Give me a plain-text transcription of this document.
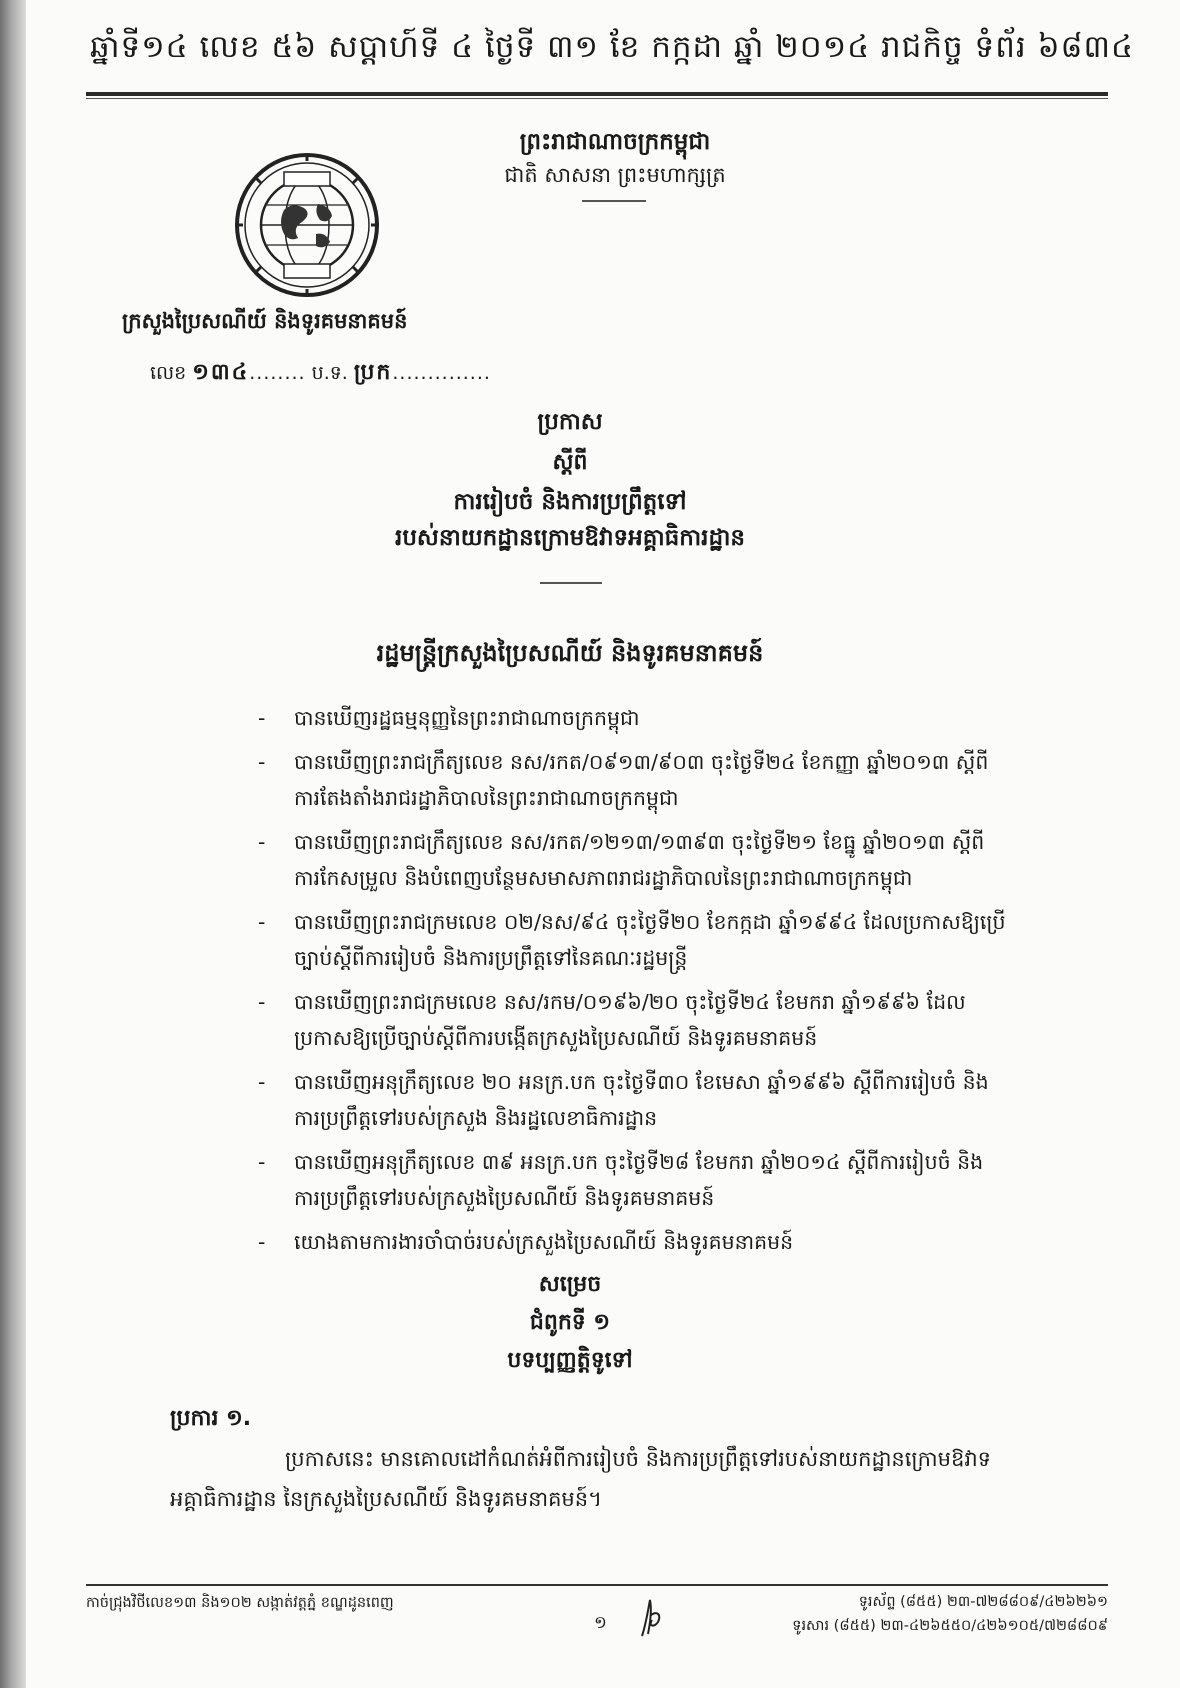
ឆ្នាំទី១៤ លេខ ៥៦ សប្តាហ៍ទី ៤ ថ្ងៃទី ៣១ ខែ កក្កដា ឆ្នាំ ២០១៤ រាជកិច្ច ទំព័រ ៦៨៣៤
ព្រះរាជាណាចក្រកម្ពុជា
ជាតិ សាសនា ព្រះមហាក្សត្រ
ក្រសួងប្រៃសណីយ៍ និងទូរគមនាគមន៍
លេខ ១៣៤........ ប.ទ. ប្រក..............
ប្រកាស
ស្តីពី
ការរៀបចំ និងការប្រព្រឹត្តទៅ
របស់នាយកដ្ឋានក្រោមឱវាទអគ្គាធិការដ្ឋាន
រដ្ឋមន្ត្រីក្រសួងប្រៃសណីយ៍ និងទូរគមនាគមន៍
- បានឃើញរដ្ឋធម្មនុញ្ញនៃព្រះរាជាណាចក្រកម្ពុជា
- បានឃើញព្រះរាជក្រឹត្យលេខ នស/រកត/០៩១៣/៩០៣ ចុះថ្ងៃទី២៤ ខែកញ្ញា ឆ្នាំ២០១៣ ស្តីពី
ការតែងតាំងរាជរដ្ឋាភិបាលនៃព្រះរាជាណាចក្រកម្ពុជា
- បានឃើញព្រះរាជក្រឹត្យលេខ នស/រកត/១២១៣/១៣៩៣ ចុះថ្ងៃទី២១ ខែធ្នូ ឆ្នាំ២០១៣ ស្តីពី
ការកែសម្រួល និងបំពេញបន្ថែមសមាសភាពរាជរដ្ឋាភិបាលនៃព្រះរាជាណាចក្រកម្ពុជា
- បានឃើញព្រះរាជក្រមលេខ ០២/នស/៩៤ ចុះថ្ងៃទី២០ ខែកក្កដា ឆ្នាំ១៩៩៤ ដែលប្រកាសឱ្យប្រើ
ច្បាប់ស្តីពីការរៀបចំ និងការប្រព្រឹត្តទៅនៃគណៈរដ្ឋមន្ត្រី
- បានឃើញព្រះរាជក្រមលេខ នស/រកម/០១៩៦/២០ ចុះថ្ងៃទី២៤ ខែមករា ឆ្នាំ១៩៩៦ ដែល
ប្រកាសឱ្យប្រើច្បាប់ស្តីពីការបង្កើតក្រសួងប្រៃសណីយ៍ និងទូរគមនាគមន៍
- បានឃើញអនុក្រឹត្យលេខ ២០ អនក្រ.បក ចុះថ្ងៃទី៣០ ខែមេសា ឆ្នាំ១៩៩៦ ស្តីពីការរៀបចំ និង
ការប្រព្រឹត្តទៅរបស់ក្រសួង និងរដ្ឋលេខាធិការដ្ឋាន
- បានឃើញអនុក្រឹត្យលេខ ៣៩ អនក្រ.បក ចុះថ្ងៃទី២៨ ខែមករា ឆ្នាំ២០១៤ ស្តីពីការរៀបចំ និង
ការប្រព្រឹត្តទៅរបស់ក្រសួងប្រៃសណីយ៍ និងទូរគមនាគមន៍
- យោងតាមការងារចាំបាច់របស់ក្រសួងប្រៃសណីយ៍ និងទូរគមនាគមន៍
សម្រេច
ជំពូកទី ១
បទប្បញ្ញត្តិទូទៅ
ប្រការ ១.
ប្រកាសនេះ មានគោលដៅកំណត់អំពីការរៀបចំ និងការប្រព្រឹត្តទៅរបស់នាយកដ្ឋានក្រោមឱវាទ
អគ្គាធិការដ្ឋាន នៃក្រសួងប្រៃសណីយ៍ និងទូរគមនាគមន៍។
កាច់ជ្រុងវិថីលេខ១៣ និង១០២ សង្កាត់វត្តភ្នំ ខណ្ឌដូនពេញ
១
ទូរស័ព្ទ (៨៥៥) ២៣-៧២៨៨០៩/៤២៦២៦១
ទូរសារ (៨៥៥) ២៣-៤២៦៥៥០/៤២៦១០៥/៧២៨៨០៩
